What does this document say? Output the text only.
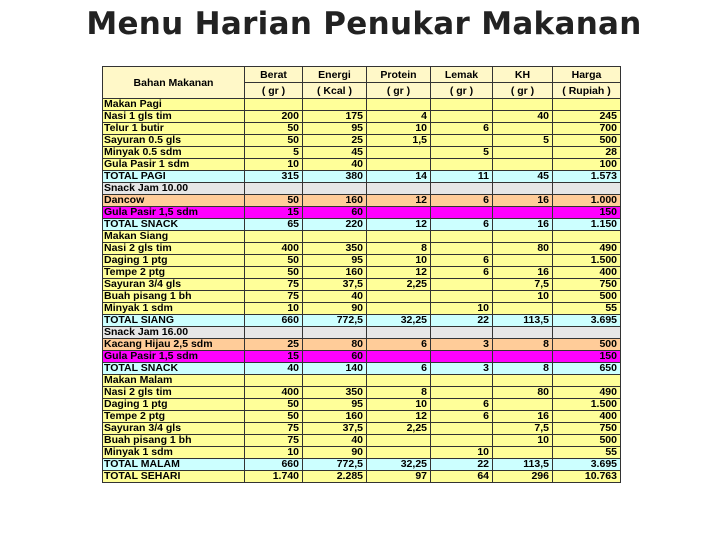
Menu Harian Penukar Makanan
Bahan Makanan	Berat	Energi	Protein	Lemak	KH	Harga
	( gr )	( Kcal )	( gr )	( gr )	( gr )	( Rupiah )
Makan Pagi						
Nasi 1 gls tim	200	175	4		40	245
Telur 1 butir	50	95	10	6		700
Sayuran 0.5 gls	50	25	1,5		5	500
Minyak 0.5 sdm	5	45		5		28
Gula Pasir 1 sdm	10	40				100
TOTAL PAGI	315	380	14	11	45	1.573
Snack Jam 10.00						
Dancow	50	160	12	6	16	1.000
Gula Pasir 1,5 sdm	15	60				150
TOTAL SNACK	65	220	12	6	16	1.150
Makan Siang						
Nasi 2 gls tim	400	350	8		80	490
Daging 1 ptg	50	95	10	6		1.500
Tempe 2 ptg	50	160	12	6	16	400
Sayuran 3/4 gls	75	37,5	2,25		7,5	750
Buah pisang 1 bh	75	40			10	500
Minyak 1 sdm	10	90		10		55
TOTAL SIANG	660	772,5	32,25	22	113,5	3.695
Snack Jam 16.00						
Kacang Hijau 2,5 sdm	25	80	6	3	8	500
Gula Pasir 1,5 sdm	15	60				150
TOTAL SNACK	40	140	6	3	8	650
Makan Malam						
Nasi 2 gls tim	400	350	8		80	490
Daging 1 ptg	50	95	10	6		1.500
Tempe 2 ptg	50	160	12	6	16	400
Sayuran 3/4 gls	75	37,5	2,25		7,5	750
Buah pisang 1 bh	75	40			10	500
Minyak 1 sdm	10	90		10		55
TOTAL MALAM	660	772,5	32,25	22	113,5	3.695
TOTAL SEHARI	1.740	2.285	97	64	296	10.763
